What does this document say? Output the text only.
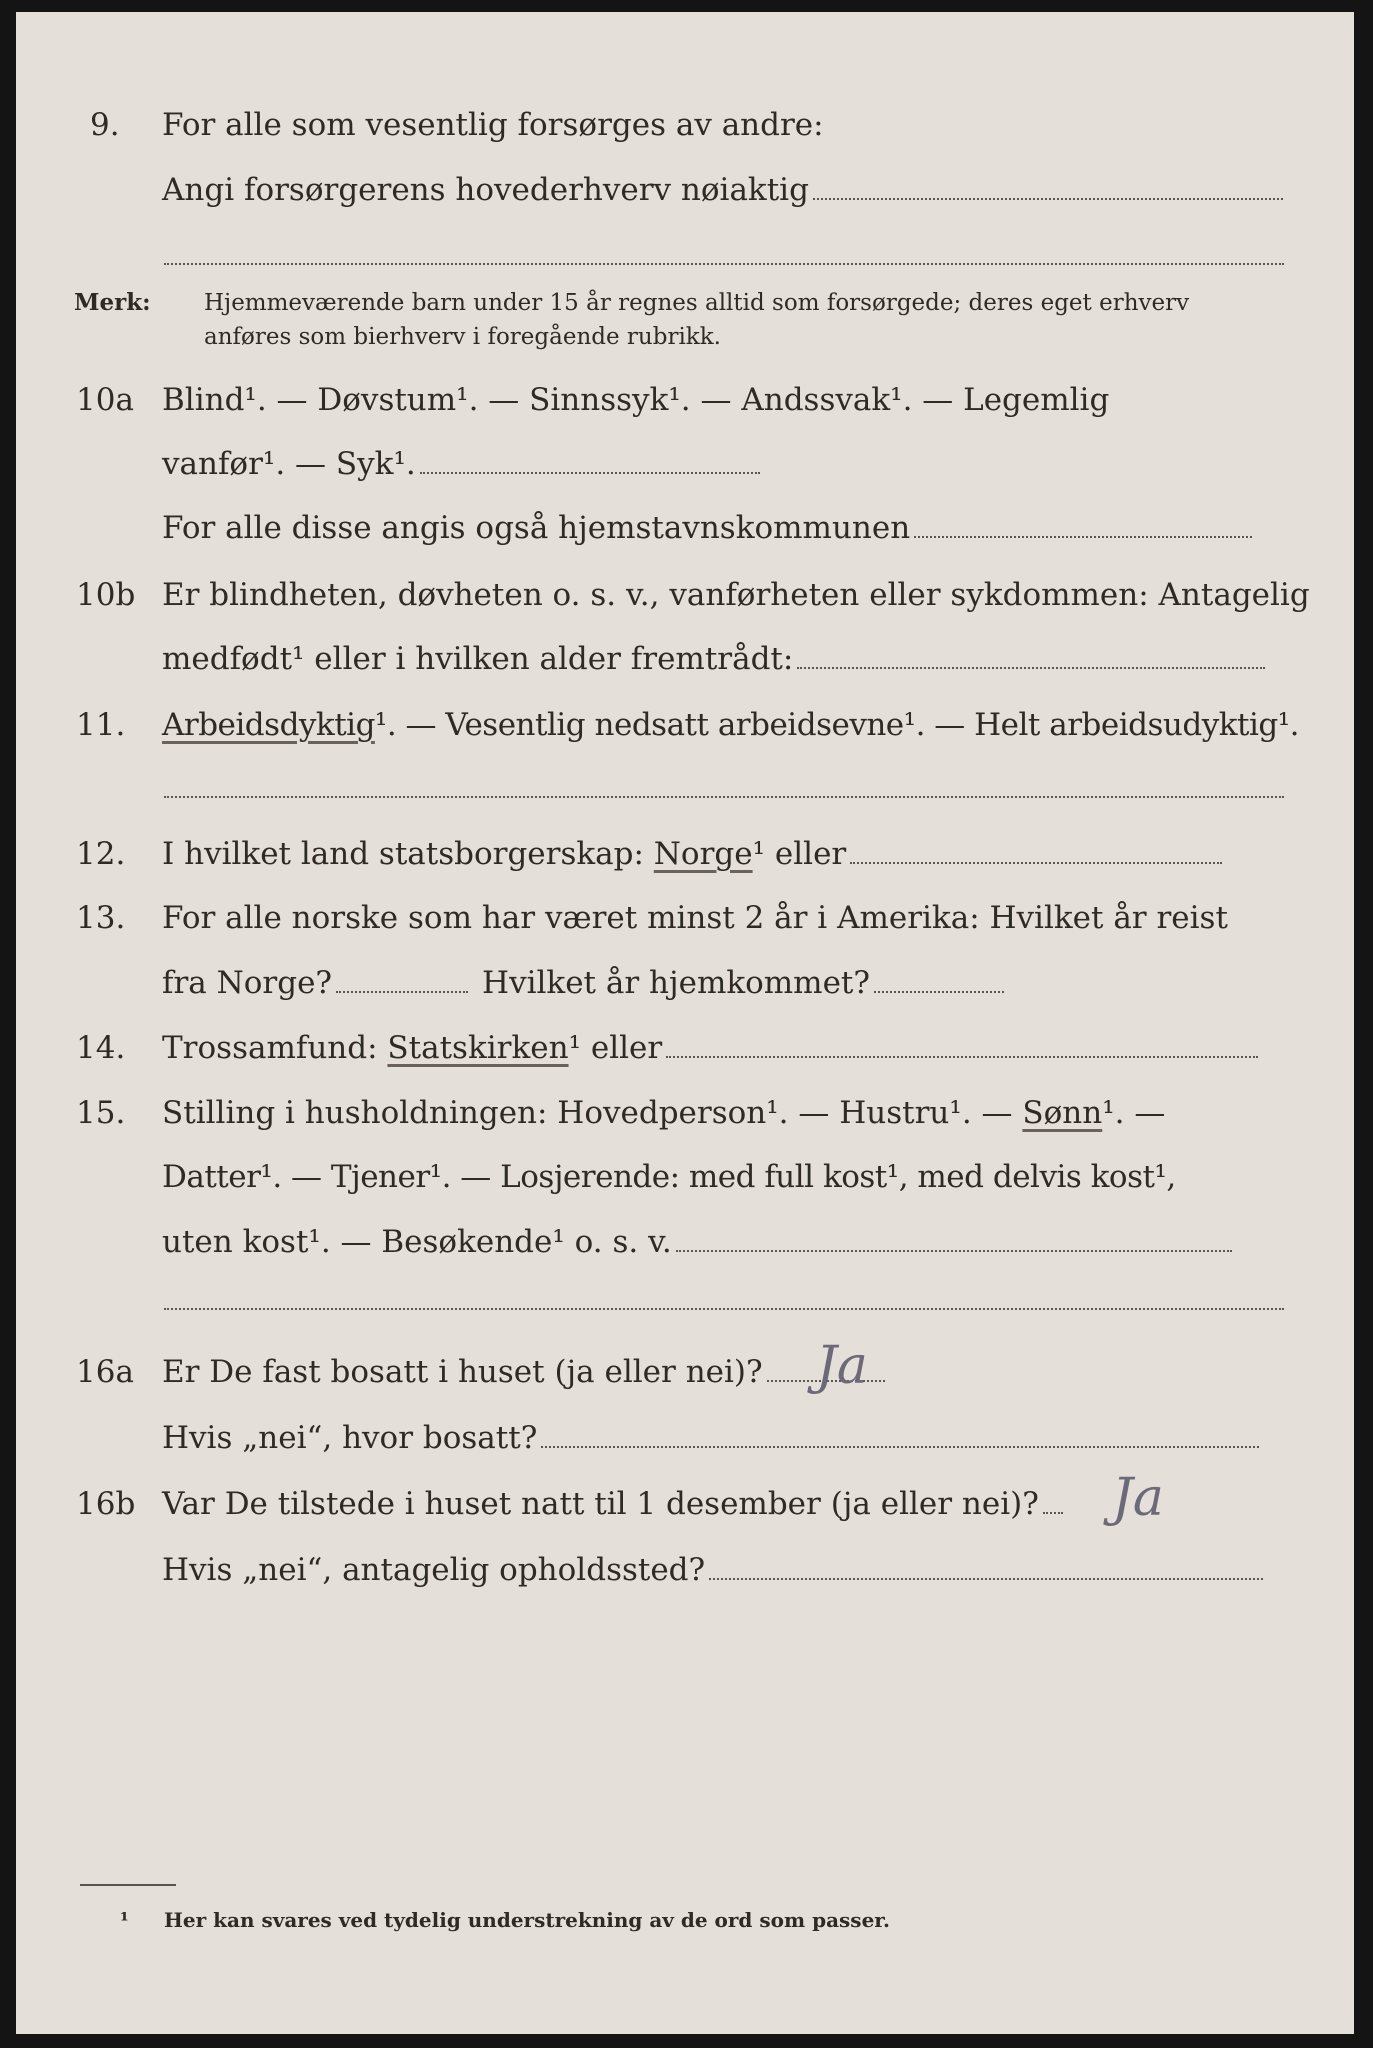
9. For alle som vesentlig forsørges av andre:
Angi forsørgerens hovederhverv nøiaktig
Merk: Hjemmeværende barn under 15 år regnes alltid som forsørgede; deres eget erhverv
anføres som bierhverv i foregående rubrikk.
10a Blind¹. — Døvstum¹. — Sinnssyk¹. — Andssvak¹. — Legemlig
vanfør¹. — Syk¹.
For alle disse angis også hjemstavnskommunen
10b Er blindheten, døvheten o. s. v., vanførheten eller sykdommen: Antagelig
medfødt¹ eller i hvilken alder fremtrådt:
11. Arbeidsdyktig¹. — Vesentlig nedsatt arbeidsevne¹. — Helt arbeidsudyktig¹.
12. I hvilket land statsborgerskap: Norge¹ eller
13. For alle norske som har været minst 2 år i Amerika: Hvilket år reist
fra Norge?	Hvilket år hjemkommet?
14. Trossamfund: Statskirken¹ eller
15. Stilling i husholdningen: Hovedperson¹. — Hustru¹. — Sønn¹. —
Datter¹. — Tjener¹. — Losjerende: med full kost¹, med delvis kost¹,
uten kost¹. — Besøkende¹ o. s. v.
16a Er De fast bosatt i huset (ja eller nei)?	Ja
Hvis „nei“, hvor bosatt?
16b Var De tilstede i huset natt til 1 desember (ja eller nei)?	Ja
Hvis „nei“, antagelig opholdssted?
¹ Her kan svares ved tydelig understrekning av de ord som passer.
